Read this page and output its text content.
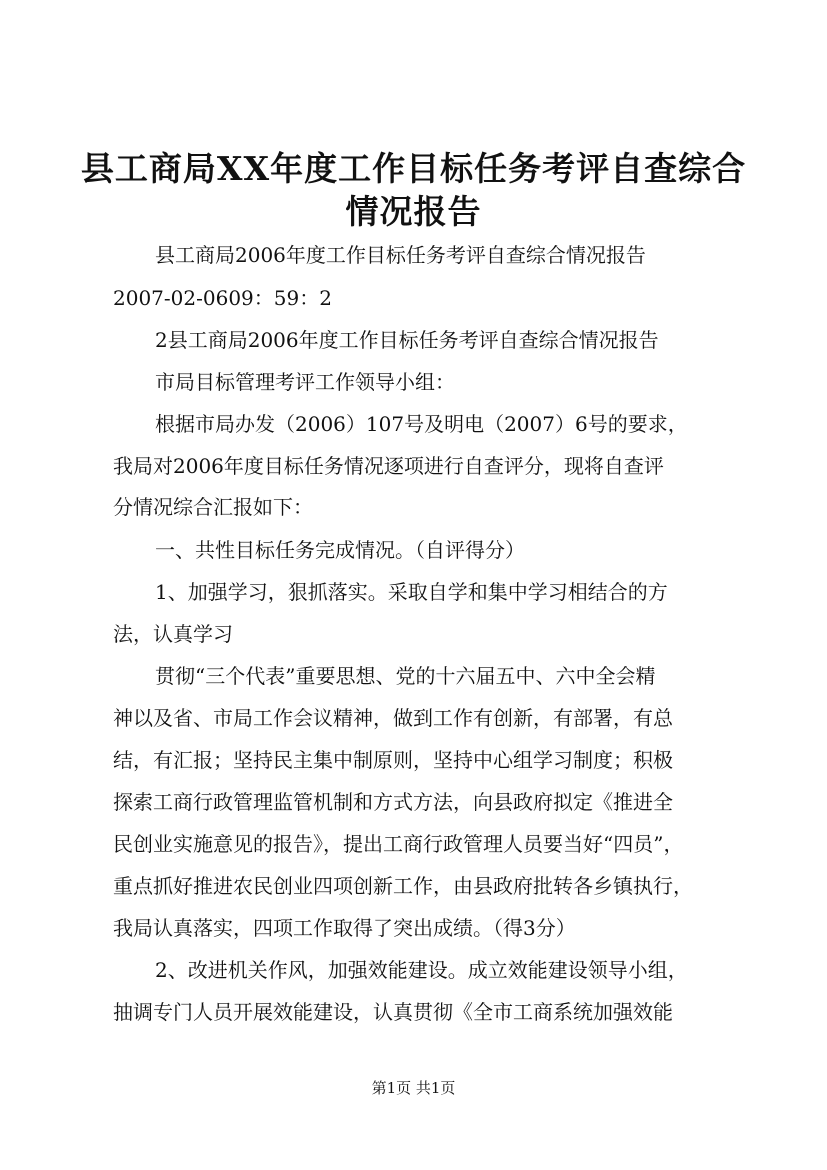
县工商局XX年度工作目标任务考评自查综合
情况报告

县工商局2006年度工作目标任务考评自查综合情况报告

2007-02-0609：59：2

2县工商局2006年度工作目标任务考评自查综合情况报告

市局目标管理考评工作领导小组：

根据市局办发（2006）107号及明电（2007）6号的要求，

我局对2006年度目标任务情况逐项进行自查评分，现将自查评

分情况综合汇报如下：

一、共性目标任务完成情况。（自评得分）

1、加强学习，狠抓落实。采取自学和集中学习相结合的方

法，认真学习

贯彻“三个代表”重要思想、党的十六届五中、六中全会精

神以及省、市局工作会议精神，做到工作有创新，有部署，有总

结，有汇报；坚持民主集中制原则，坚持中心组学习制度；积极

探索工商行政管理监管机制和方式方法，向县政府拟定《推进全

民创业实施意见的报告》，提出工商行政管理人员要当好“四员”，

重点抓好推进农民创业四项创新工作，由县政府批转各乡镇执行，

我局认真落实，四项工作取得了突出成绩。（得3分）

2、改进机关作风，加强效能建设。成立效能建设领导小组，

抽调专门人员开展效能建设，认真贯彻《全市工商系统加强效能

第1页 共1页
